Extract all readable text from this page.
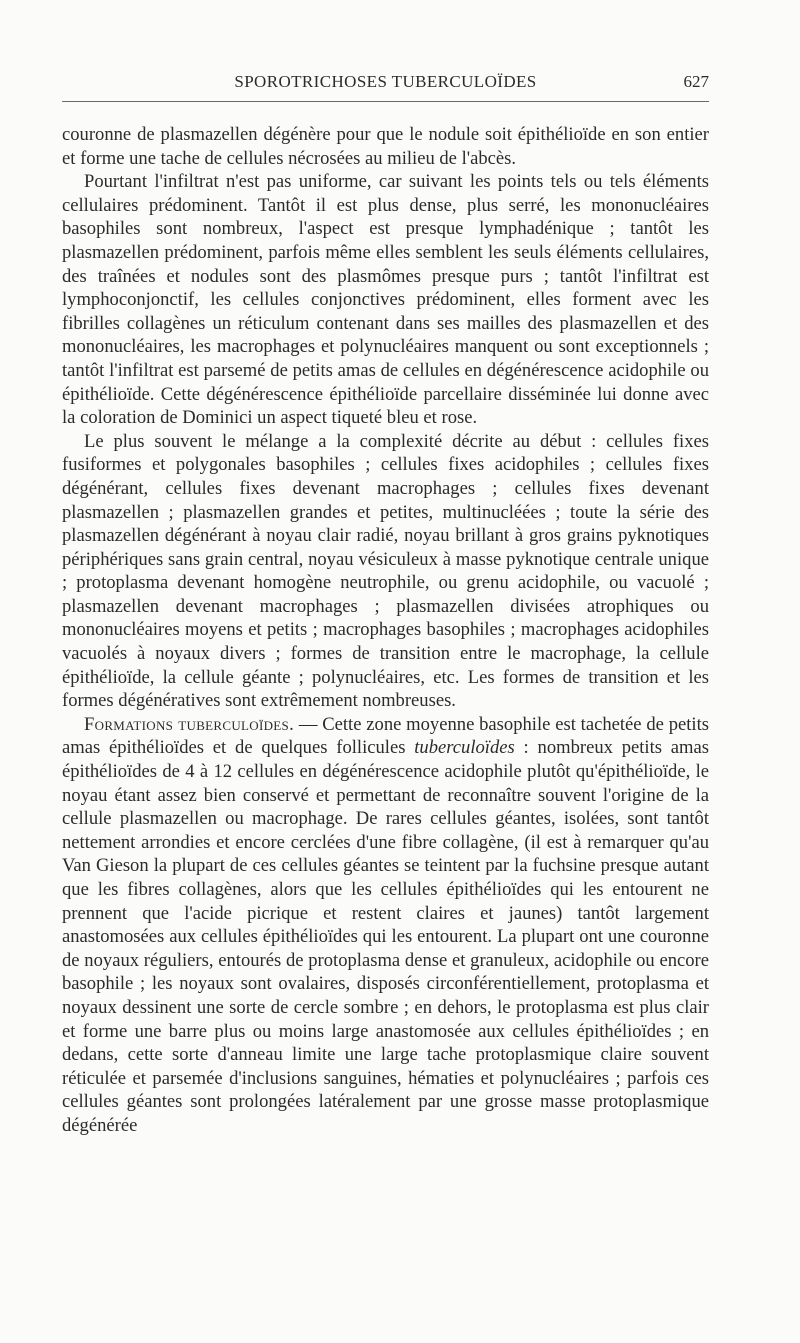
SPOROTRICHOSES TUBERCULOÏDES	627

couronne de plasmazellen dégénère pour que le nodule soit épithélioïde en son entier et forme une tache de cellules nécrosées au milieu de l'abcès.

Pourtant l'infiltrat n'est pas uniforme, car suivant les points tels ou tels éléments cellulaires prédominent. Tantôt il est plus dense, plus serré, les mononucléaires basophiles sont nombreux, l'aspect est presque lymphadénique ; tantôt les plasmazellen prédominent, parfois même elles semblent les seuls éléments cellulaires, des traînées et nodules sont des plasmômes presque purs ; tantôt l'infiltrat est lymphoconjonctif, les cellules conjonctives prédominent, elles forment avec les fibrilles collagènes un réticulum contenant dans ses mailles des plasmazellen et des mononucléaires, les macrophages et polynucléaires manquent ou sont exceptionnels ; tantôt l'infiltrat est parsemé de petits amas de cellules en dégénérescence acidophile ou épithélioïde. Cette dégénérescence épithélioïde parcellaire disséminée lui donne avec la coloration de Dominici un aspect tiqueté bleu et rose.

Le plus souvent le mélange a la complexité décrite au début : cellules fixes fusiformes et polygonales basophiles ; cellules fixes acidophiles ; cellules fixes dégénérant, cellules fixes devenant macrophages ; cellules fixes devenant plasmazellen ; plasmazellen grandes et petites, multinucléées ; toute la série des plasmazellen dégénérant à noyau clair radié, noyau brillant à gros grains pyknotiques périphériques sans grain central, noyau vésiculeux à masse pyknotique centrale unique ; protoplasma devenant homogène neutrophile, ou grenu acidophile, ou vacuolé ; plasmazellen devenant macrophages ; plasmazellen divisées atrophiques ou mononucléaires moyens et petits ; macrophages basophiles ; macrophages acidophiles vacuolés à noyaux divers ; formes de transition entre le macrophage, la cellule épithélioïde, la cellule géante ; polynucléaires, etc. Les formes de transition et les formes dégénératives sont extrêmement nombreuses.

Formations tuberculoïdes. — Cette zone moyenne basophile est tachetée de petits amas épithélioïdes et de quelques follicules tuberculoïdes : nombreux petits amas épithélioïdes de 4 à 12 cellules en dégénérescence acidophile plutôt qu'épithélioïde, le noyau étant assez bien conservé et permettant de reconnaître souvent l'origine de la cellule plasmazellen ou macrophage. De rares cellules géantes, isolées, sont tantôt nettement arrondies et encore cerclées d'une fibre collagène, (il est à remarquer qu'au Van Gieson la plupart de ces cellules géantes se teintent par la fuchsine presque autant que les fibres collagènes, alors que les cellules épithélioïdes qui les entourent ne prennent que l'acide picrique et restent claires et jaunes) tantôt largement anastomosées aux cellules épithélioïdes qui les entourent. La plupart ont une couronne de noyaux réguliers, entourés de protoplasma dense et granuleux, acidophile ou encore basophile ; les noyaux sont ovalaires, disposés circonférentiellement, protoplasma et noyaux dessinent une sorte de cercle sombre ; en dehors, le protoplasma est plus clair et forme une barre plus ou moins large anastomosée aux cellules épithélioïdes ; en dedans, cette sorte d'anneau limite une large tache protoplasmique claire souvent réticulée et parsemée d'inclusions sanguines, hématies et polynucléaires ; parfois ces cellules géantes sont prolongées latéralement par une grosse masse protoplasmique dégénérée
